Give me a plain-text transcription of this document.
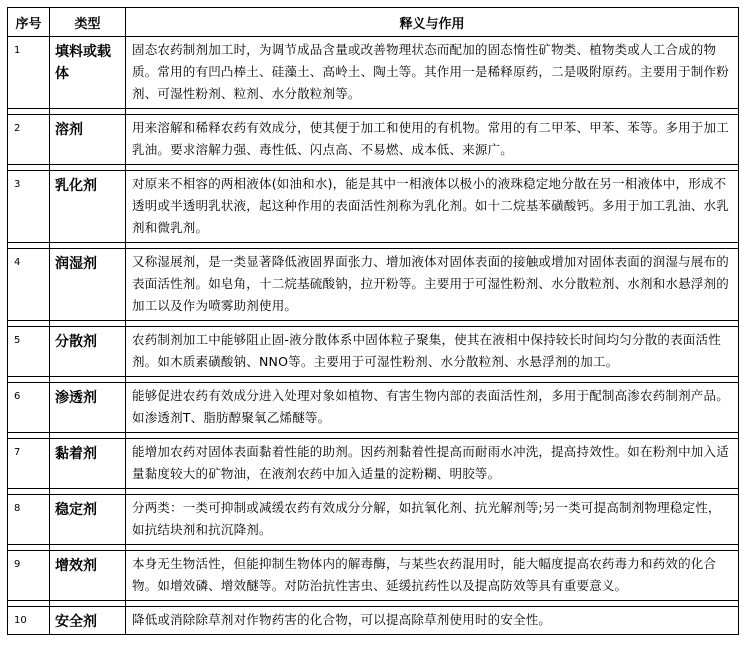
序号	类型	释义与作用
1	填料或载体	固态农药制剂加工时，为调节成品含量或改善物理状态而配加的固态惰性矿物类、植物类或人工合成的物质。常用的有凹凸棒土、硅藻土、高岭土、陶土等。其作用一是稀释原药，二是吸附原药。主要用于制作粉剂、可湿性粉剂、粒剂、水分散粒剂等。

2	溶剂	用来溶解和稀释农药有效成分，使其便于加工和使用的有机物。常用的有二甲苯、甲苯、苯等。多用于加工乳油。要求溶解力强、毒性低、闪点高、不易燃、成本低、来源广。

3	乳化剂	对原来不相容的两相液体(如油和水)，能是其中一相液体以极小的液珠稳定地分散在另一相液体中，形成不透明或半透明乳状液，起这种作用的表面活性剂称为乳化剂。如十二烷基苯磺酸钙。多用于加工乳油、水乳剂和微乳剂。

4	润湿剂	又称湿展剂，是一类显著降低液固界面张力、增加液体对固体表面的接触或增加对固体表面的润湿与展布的表面活性剂。如皂角，十二烷基硫酸钠，拉开粉等。主要用于可湿性粉剂、水分散粒剂、水剂和水悬浮剂的加工以及作为喷雾助剂使用。

5	分散剂	农药制剂加工中能够阻止固-液分散体系中固体粒子聚集，使其在液相中保持较长时间均匀分散的表面活性剂。如木质素磺酸钠、NNO等。主要用于可湿性粉剂、水分散粒剂、水悬浮剂的加工。

6	渗透剂	能够促进农药有效成分进入处理对象如植物、有害生物内部的表面活性剂，多用于配制高渗农药制剂产品。如渗透剂T、脂肪醇聚氧乙烯醚等。

7	黏着剂	能增加农药对固体表面黏着性能的助剂。因药剂黏着性提高而耐雨水冲洗，提高持效性。如在粉剂中加入适量黏度较大的矿物油，在液剂农药中加入适量的淀粉糊、明胶等。

8	稳定剂	分两类：一类可抑制或减缓农药有效成分分解，如抗氧化剂、抗光解剂等;另一类可提高制剂物理稳定性，如抗结块剂和抗沉降剂。

9	增效剂	本身无生物活性，但能抑制生物体内的解毒酶，与某些农药混用时，能大幅度提高农药毒力和药效的化合物。如增效磷、增效醚等。对防治抗性害虫、延缓抗药性以及提高防效等具有重要意义。

10	安全剂	降低或消除除草剂对作物药害的化合物，可以提高除草剂使用时的安全性。
